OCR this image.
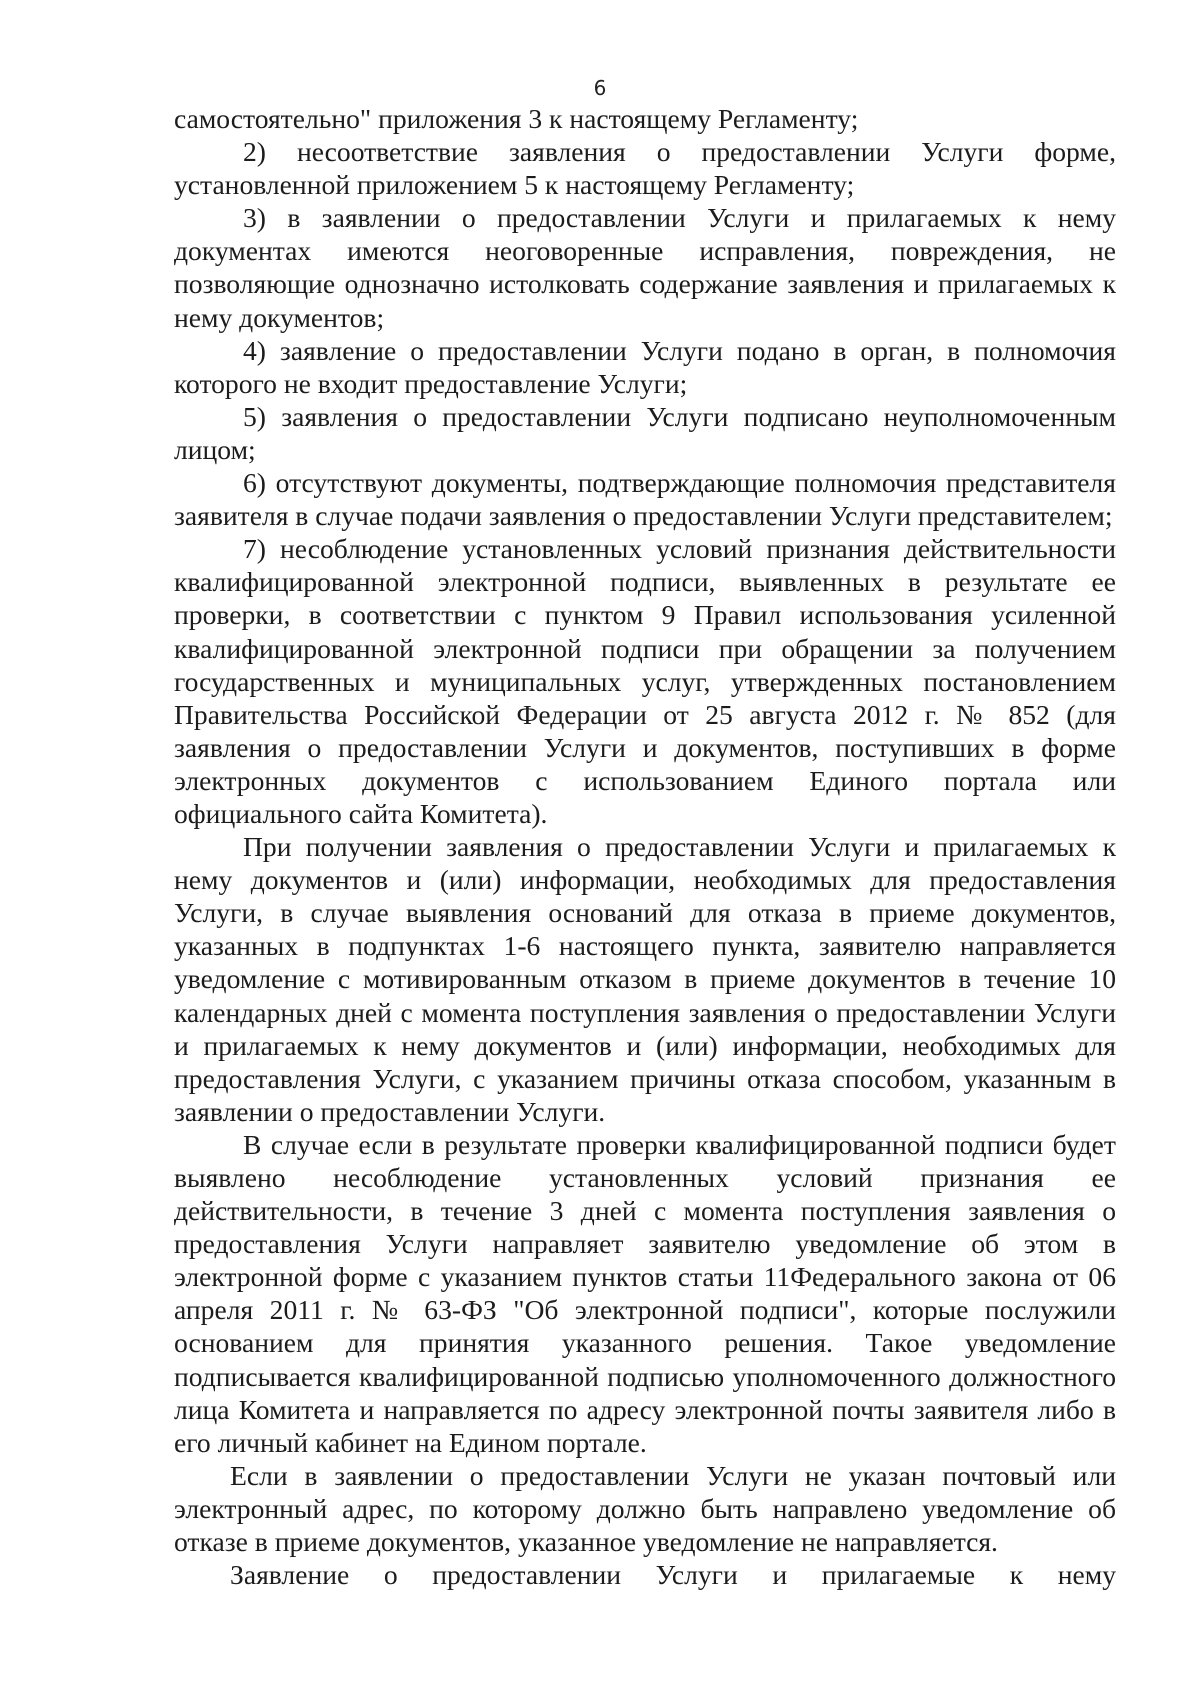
6

самостоятельно" приложения 3 к настоящему Регламенту;

2) несоответствие заявления о предоставлении Услуги форме, установленной приложением 5 к настоящему Регламенту;

3) в заявлении о предоставлении Услуги и прилагаемых к нему документах имеются неоговоренные исправления, повреждения, не позволяющие однозначно истолковать содержание заявления и прилагаемых к нему документов;

4) заявление о предоставлении Услуги подано в орган, в полномочия которого не входит предоставление Услуги;

5) заявления о предоставлении Услуги подписано неуполномоченным лицом;

6) отсутствуют документы, подтверждающие полномочия представителя заявителя в случае подачи заявления о предоставлении Услуги представителем;

7) несоблюдение установленных условий признания действительности квалифицированной электронной подписи, выявленных в результате ее проверки, в соответствии с пунктом 9 Правил использования усиленной квалифицированной электронной подписи при обращении за получением государственных и муниципальных услуг, утвержденных постановлением Правительства Российской Федерации от 25 августа 2012 г. № 852 (для заявления о предоставлении Услуги и документов, поступивших в форме электронных документов с использованием Единого портала или официального сайта Комитета).

При получении заявления о предоставлении Услуги и прилагаемых к нему документов и (или) информации, необходимых для предоставления Услуги, в случае выявления оснований для отказа в приеме документов, указанных в подпунктах 1-6 настоящего пункта, заявителю направляется уведомление с мотивированным отказом в приеме документов в течение 10 календарных дней с момента поступления заявления о предоставлении Услуги и прилагаемых к нему документов и (или) информации, необходимых для предоставления Услуги, с указанием причины отказа способом, указанным в заявлении о предоставлении Услуги.

В случае если в результате проверки квалифицированной подписи будет выявлено несоблюдение установленных условий признания ее действительности, в течение 3 дней с момента поступления заявления о предоставления Услуги направляет заявителю уведомление об этом в электронной форме с указанием пунктов статьи 11Федерального закона от 06 апреля 2011 г. № 63-ФЗ "Об электронной подписи", которые послужили основанием для принятия указанного решения. Такое уведомление подписывается квалифицированной подписью уполномоченного должностного лица Комитета и направляется по адресу электронной почты заявителя либо в его личный кабинет на Едином портале.

Если в заявлении о предоставлении Услуги не указан почтовый или электронный адрес, по которому должно быть направлено уведомление об отказе в приеме документов, указанное уведомление не направляется.

Заявление о предоставлении Услуги и прилагаемые к нему
